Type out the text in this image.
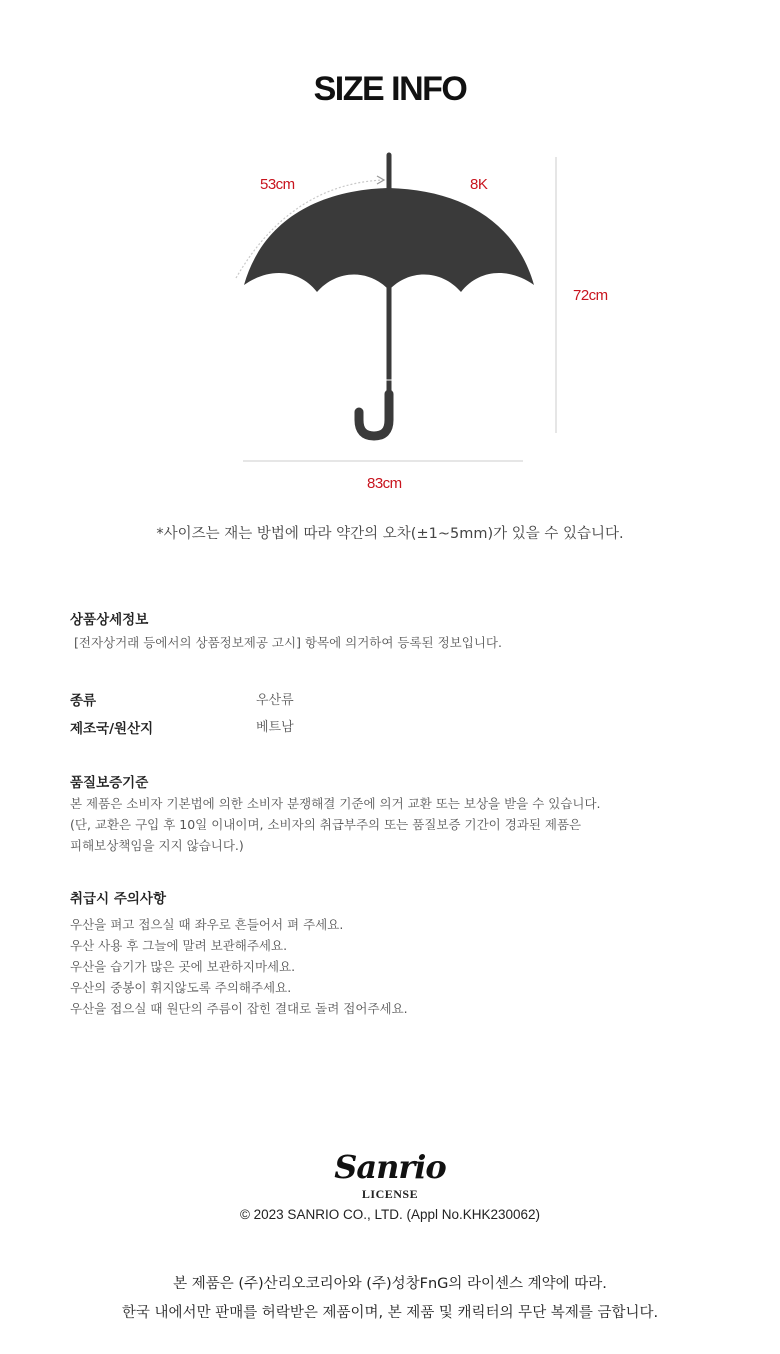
SIZE INFO
53cm	8K
72cm
83cm
*사이즈는 재는 방법에 따라 약간의 오차(±1~5mm)가 있을 수 있습니다.
상품상세정보
[전자상거래 등에서의 상품정보제공 고시] 항목에 의거하여 등록된 정보입니다.
종류	우산류
제조국/원산지	베트남
품질보증기준
본 제품은 소비자 기본법에 의한 소비자 분쟁해결 기준에 의거 교환 또는 보상을 받을 수 있습니다.
(단, 교환은 구입 후 10일 이내이며, 소비자의 취급부주의 또는 품질보증 기간이 경과된 제품은
피해보상책임을 지지 않습니다.)
취급시 주의사항
우산을 펴고 접으실 때 좌우로 흔들어서 펴 주세요.
우산 사용 후 그늘에 말려 보관해주세요.
우산을 습기가 많은 곳에 보관하지마세요.
우산의 중봉이 휘지않도록 주의해주세요.
우산을 접으실 때 원단의 주름이 잡힌 결대로 돌려 접어주세요.
Sanrio
LICENSE
© 2023 SANRIO CO., LTD. (Appl No.KHK230062)
본 제품은 (주)산리오코리아와 (주)성창FnG의 라이센스 계약에 따라.
한국 내에서만 판매를 허락받은 제품이며, 본 제품 및 캐릭터의 무단 복제를 금합니다.
